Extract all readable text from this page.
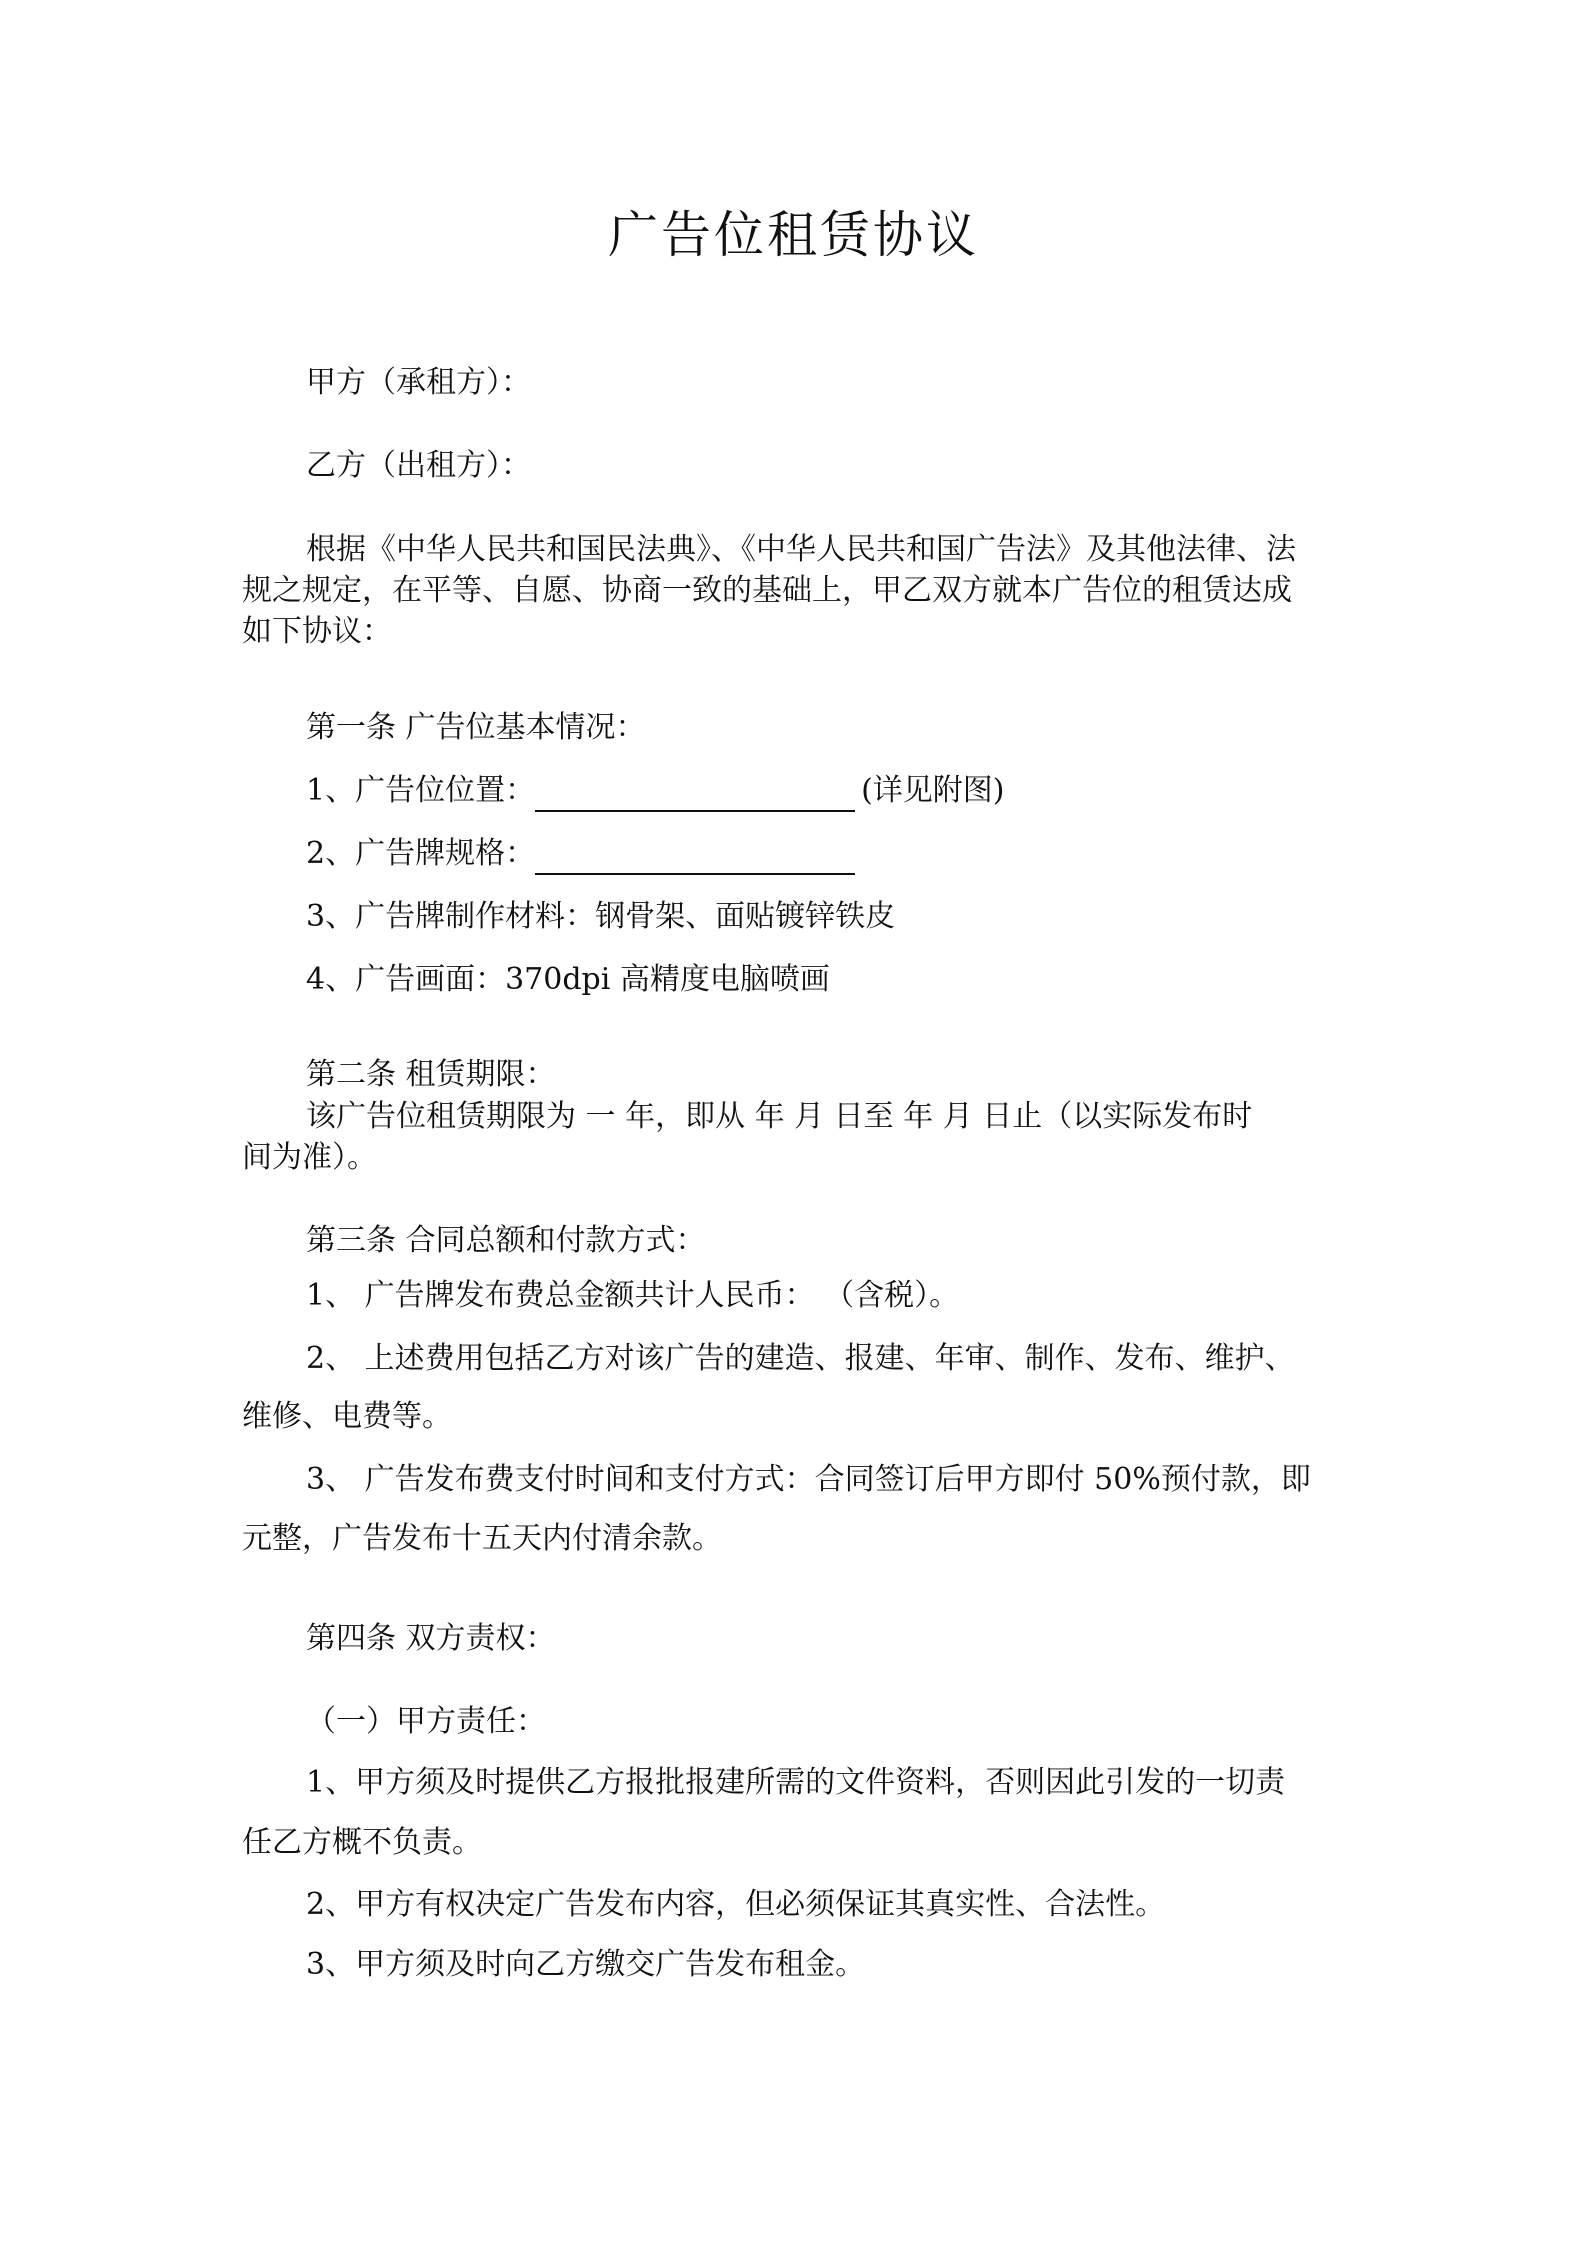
广告位租赁协议
甲方（承租方）：
乙方（出租方）：
根据《中华人民共和国民法典》、《中华人民共和国广告法》及其他法律、法
规之规定，在平等、自愿、协商一致的基础上，甲乙双方就本广告位的租赁达成
如下协议：
第一条 广告位基本情况：
1、广告位位置：	(详见附图)
2、广告牌规格：
3、广告牌制作材料：钢骨架、面贴镀锌铁皮
4、广告画面：370dpi 高精度电脑喷画
第二条 租赁期限：
该广告位租赁期限为 一 年，即从 年 月 日至 年 月 日止（以实际发布时
间为准）。
第三条 合同总额和付款方式：
1、 广告牌发布费总金额共计人民币： （含税）。
2、 上述费用包括乙方对该广告的建造、报建、年审、制作、发布、维护、
维修、电费等。
3、 广告发布费支付时间和支付方式：合同签订后甲方即付 50%预付款，即
元整，广告发布十五天内付清余款。
第四条 双方责权：
（一）甲方责任：
1、甲方须及时提供乙方报批报建所需的文件资料，否则因此引发的一切责
任乙方概不负责。
2、甲方有权决定广告发布内容，但必须保证其真实性、合法性。
3、甲方须及时向乙方缴交广告发布租金。
